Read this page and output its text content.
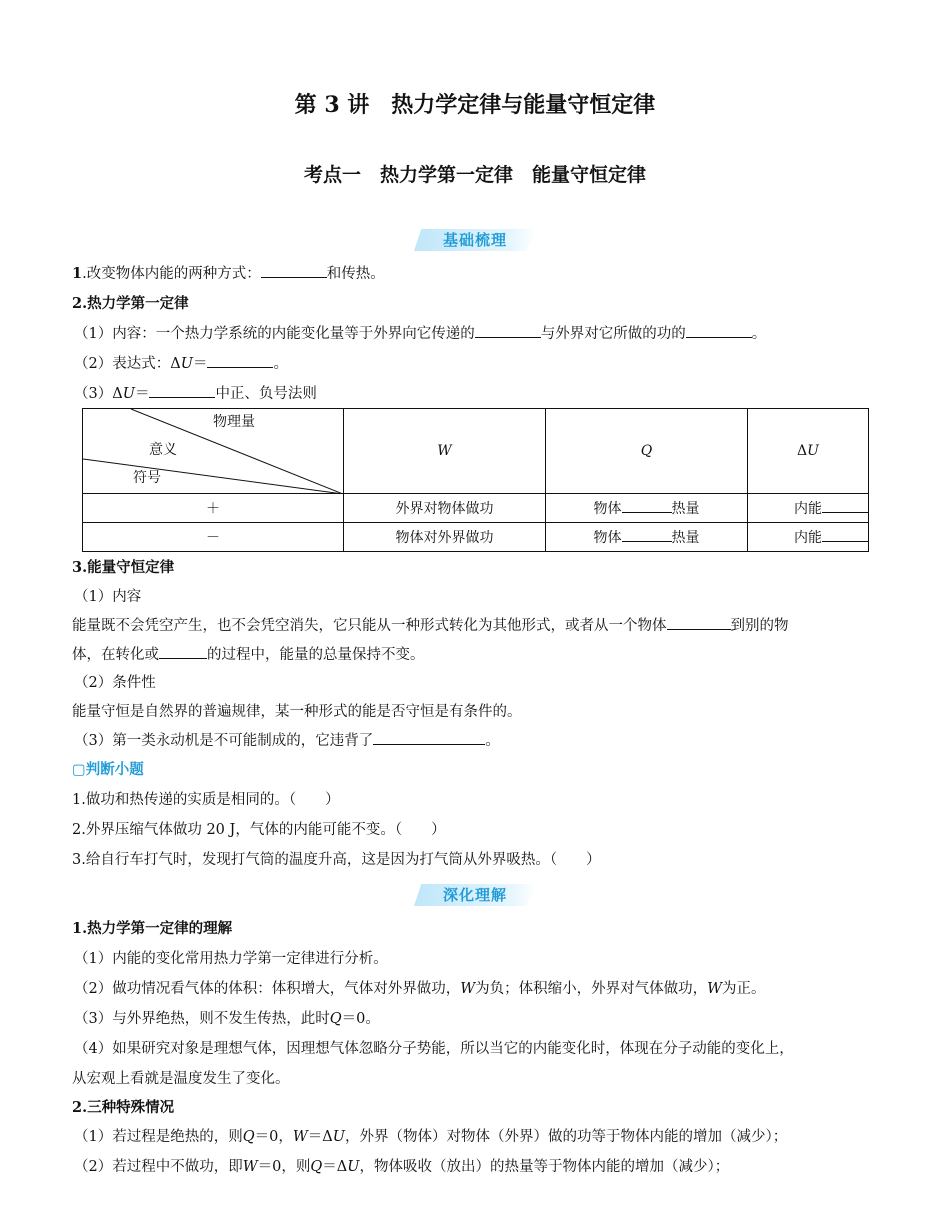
第 3 讲　热力学定律与能量守恒定律
考点一　热力学第一定律　能量守恒定律
基础梳理
1.改变物体内能的两种方式：	和传热。
2.热力学第一定律
（1）内容：一个热力学系统的内能变化量等于外界向它传递的	与外界对它所做的功的	。
（2）表达式：ΔU＝	。
（3）ΔU＝	中正、负号法则
物理量
意义
符号	W	Q	ΔU
＋	外界对物体做功	物体 热量	内能
－	物体对外界做功	物体 热量	内能
3.能量守恒定律
（1）内容
能量既不会凭空产生，也不会凭空消失，它只能从一种形式转化为其他形式，或者从一个物体	到别的物
体，在转化或	的过程中，能量的总量保持不变。
（2）条件性
能量守恒是自然界的普遍规律，某一种形式的能是否守恒是有条件的。
（3）第一类永动机是不可能制成的，它违背了	。
▢判断小题
1.做功和热传递的实质是相同的。（　　）
2.外界压缩气体做功 20 J，气体的内能可能不变。（　　）
3.给自行车打气时，发现打气筒的温度升高，这是因为打气筒从外界吸热。（　　）
深化理解
1.热力学第一定律的理解
（1）内能的变化常用热力学第一定律进行分析。
（2）做功情况看气体的体积：体积增大，气体对外界做功，W为负；体积缩小，外界对气体做功，W为正。
（3）与外界绝热，则不发生传热，此时Q＝0。
（4）如果研究对象是理想气体，因理想气体忽略分子势能，所以当它的内能变化时，体现在分子动能的变化上，
从宏观上看就是温度发生了变化。
2.三种特殊情况
（1）若过程是绝热的，则Q＝0，W＝ΔU，外界（物体）对物体（外界）做的功等于物体内能的增加（减少）；
（2）若过程中不做功，即W＝0，则Q＝ΔU，物体吸收（放出）的热量等于物体内能的增加（减少）；
